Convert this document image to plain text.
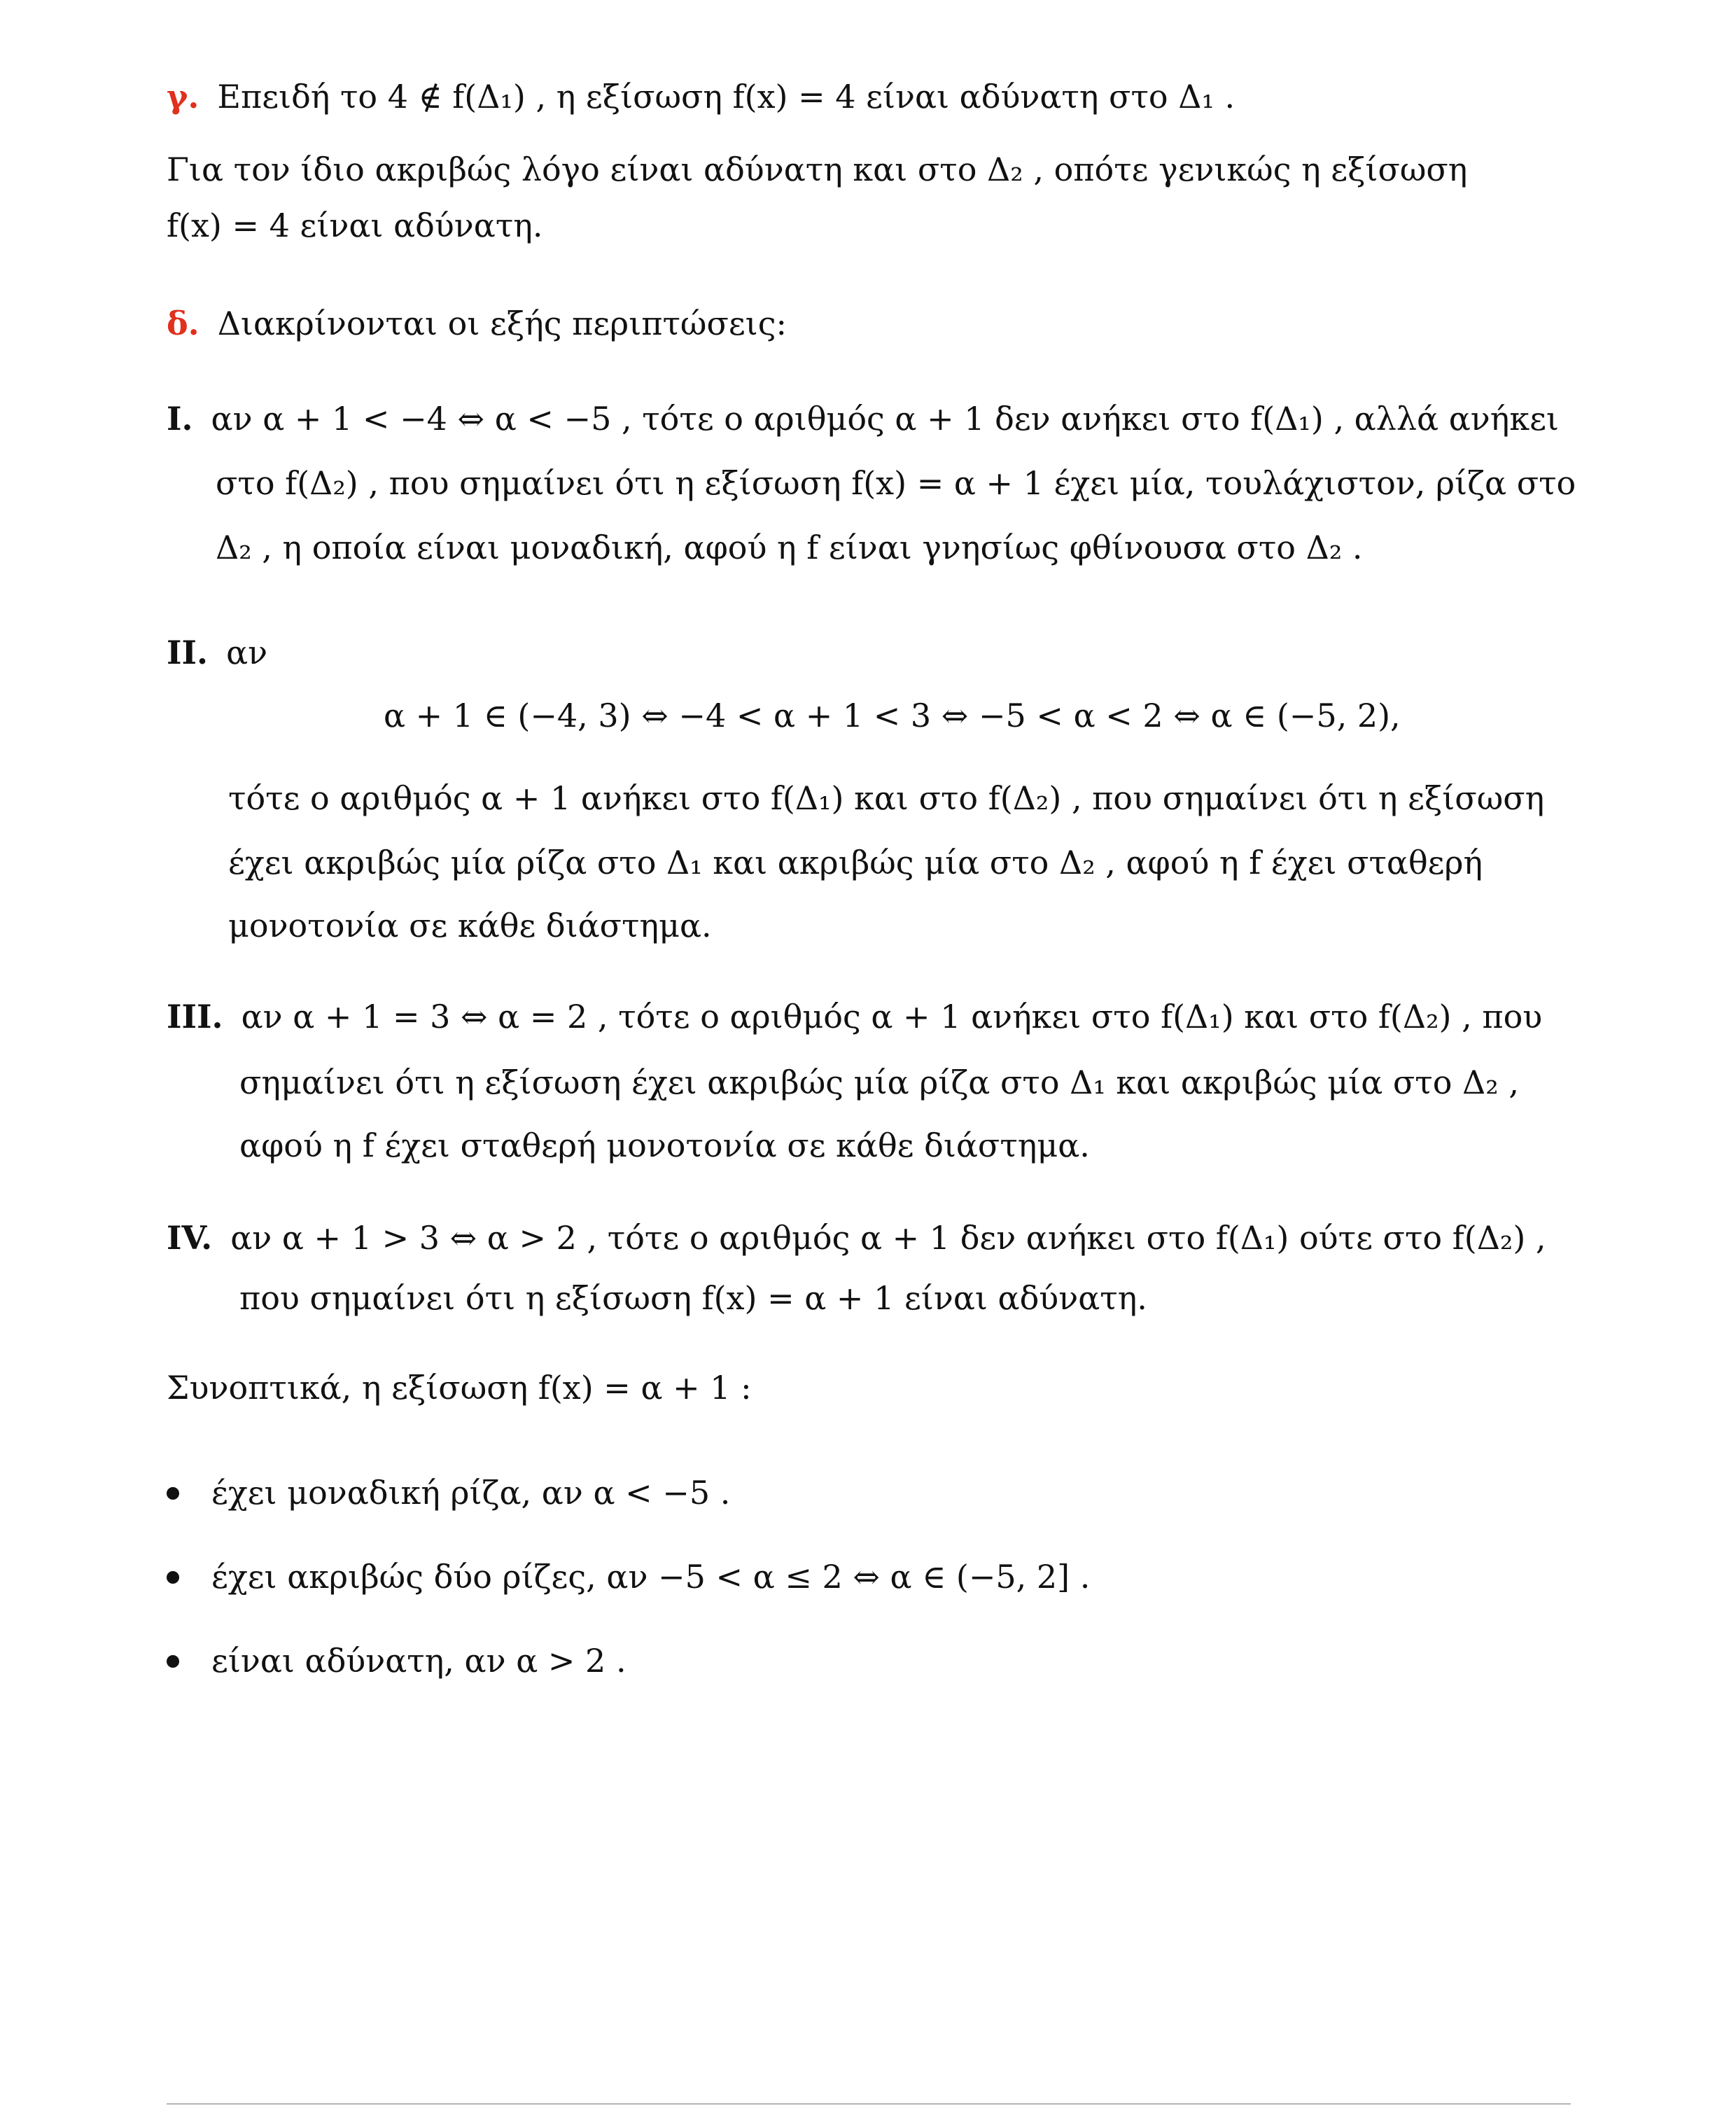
γ. Επειδή το 4 ∉ f(Δ₁) , η εξίσωση f(x) = 4 είναι αδύνατη στο Δ₁ .
Για τον ίδιο ακριβώς λόγο είναι αδύνατη και στο Δ₂ , οπότε γενικώς η εξίσωση
f(x) = 4 είναι αδύνατη.
δ. Διακρίνονται οι εξής περιπτώσεις:
I. αν α + 1 < −4 ⇔ α < −5 , τότε ο αριθμός α + 1 δεν ανήκει στο f(Δ₁) , αλλά ανήκει
στο f(Δ₂) , που σημαίνει ότι η εξίσωση f(x) = α + 1 έχει μία, τουλάχιστον, ρίζα στο
Δ₂ , η οποία είναι μοναδική, αφού η f είναι γνησίως φθίνουσα στο Δ₂ .
II. αν
α + 1 ∈ (−4, 3) ⇔ −4 < α + 1 < 3 ⇔ −5 < α < 2 ⇔ α ∈ (−5, 2),
τότε ο αριθμός α + 1 ανήκει στο f(Δ₁) και στο f(Δ₂) , που σημαίνει ότι η εξίσωση
έχει ακριβώς μία ρίζα στο Δ₁ και ακριβώς μία στο Δ₂ , αφού η f έχει σταθερή
μονοτονία σε κάθε διάστημα.
III. αν α + 1 = 3 ⇔ α = 2 , τότε ο αριθμός α + 1 ανήκει στο f(Δ₁) και στο f(Δ₂) , που
σημαίνει ότι η εξίσωση έχει ακριβώς μία ρίζα στο Δ₁ και ακριβώς μία στο Δ₂ ,
αφού η f έχει σταθερή μονοτονία σε κάθε διάστημα.
IV. αν α + 1 > 3 ⇔ α > 2 , τότε ο αριθμός α + 1 δεν ανήκει στο f(Δ₁) ούτε στο f(Δ₂) ,
που σημαίνει ότι η εξίσωση f(x) = α + 1 είναι αδύνατη.
Συνοπτικά, η εξίσωση f(x) = α + 1 :
έχει μοναδική ρίζα, αν α < −5 .
έχει ακριβώς δύο ρίζες, αν −5 < α ≤ 2 ⇔ α ∈ (−5, 2] .
είναι αδύνατη, αν α > 2 .
